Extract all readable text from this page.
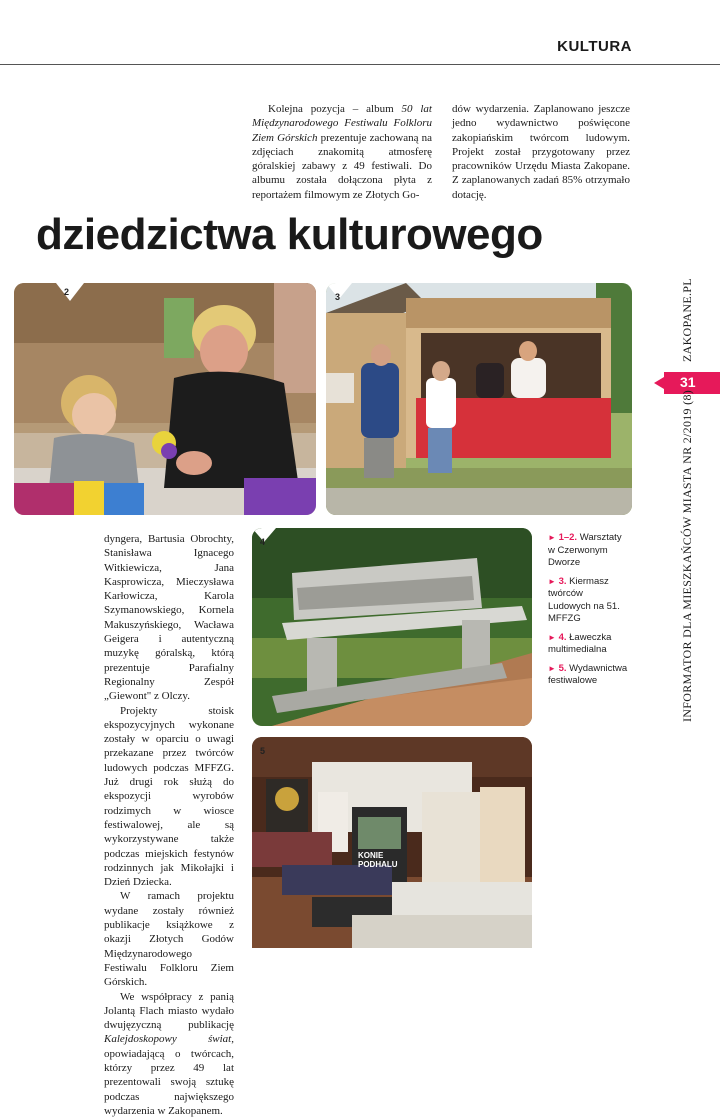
KULTURA

Kolejna pozycja – album 50 lat Międzynarodowego Festiwalu Folkloru Ziem Górskich prezentuje zachowaną na zdjęciach znakomitą atmosferę góralskiej zabawy z 49 festiwali. Do albumu została dołączona płyta z reportażem filmowym ze Złotych Go-

dów wydarzenia. Zaplanowano jeszcze jedno wydawnictwo poświęcone zakopiańskim twórcom ludowym. Projekt został przygotowany przez pracowników Urzędu Miasta Zakopane. Z zaplanowanych zadań 85% otrzymało dotację.

dziedzictwa kulturowego
2	3

dyngera, Bartusia Obrochty, Stanisława Ignacego Witkiewicza, Jana Kasprowicza, Mieczysława Karłowicza, Karola Szymanowskiego, Kornela Makuszyńskiego, Wacława Geigera i autentyczną muzykę góralską, którą prezentuje Parafialny Regionalny Zespół „Giewont" z Olczy.

Projekty stoisk ekspozycyjnych wykonane zostały w oparciu o uwagi przekazane przez twórców ludowych podczas MFFZG. Już drugi rok służą do ekspozycji wyrobów rodzimych w wiosce festiwalowej, ale są wykorzystywane także podczas miejskich festynów rodzinnych jak Mikołajki i Dzień Dziecka.

W ramach projektu wydane zostały również publikacje książkowe z okazji Złotych Godów Międzynarodowego Festiwalu Folkloru Ziem Górskich.

We współpracy z panią Jolantą Flach miasto wydało dwujęzyczną publikację Kalejdoskopowy świat, opowiadającą o twórcach, którzy przez 49 lat prezentowali swoją sztukę podczas największego wydarzenia w Zakopanem.

4
5
KONIE
PODHALU
► 1–2. Warsztaty w Czerwonym Dworze
► 3. Kiermasz twórców Ludowych na 51. MFFZG
► 4. Ławeczka multimedialna
► 5. Wydawnictwa festiwalowe
ZAKOPANE.PL
31
INFORMATOR DLA MIESZKAŃCÓW MIASTA NR 2/2019 (8)
